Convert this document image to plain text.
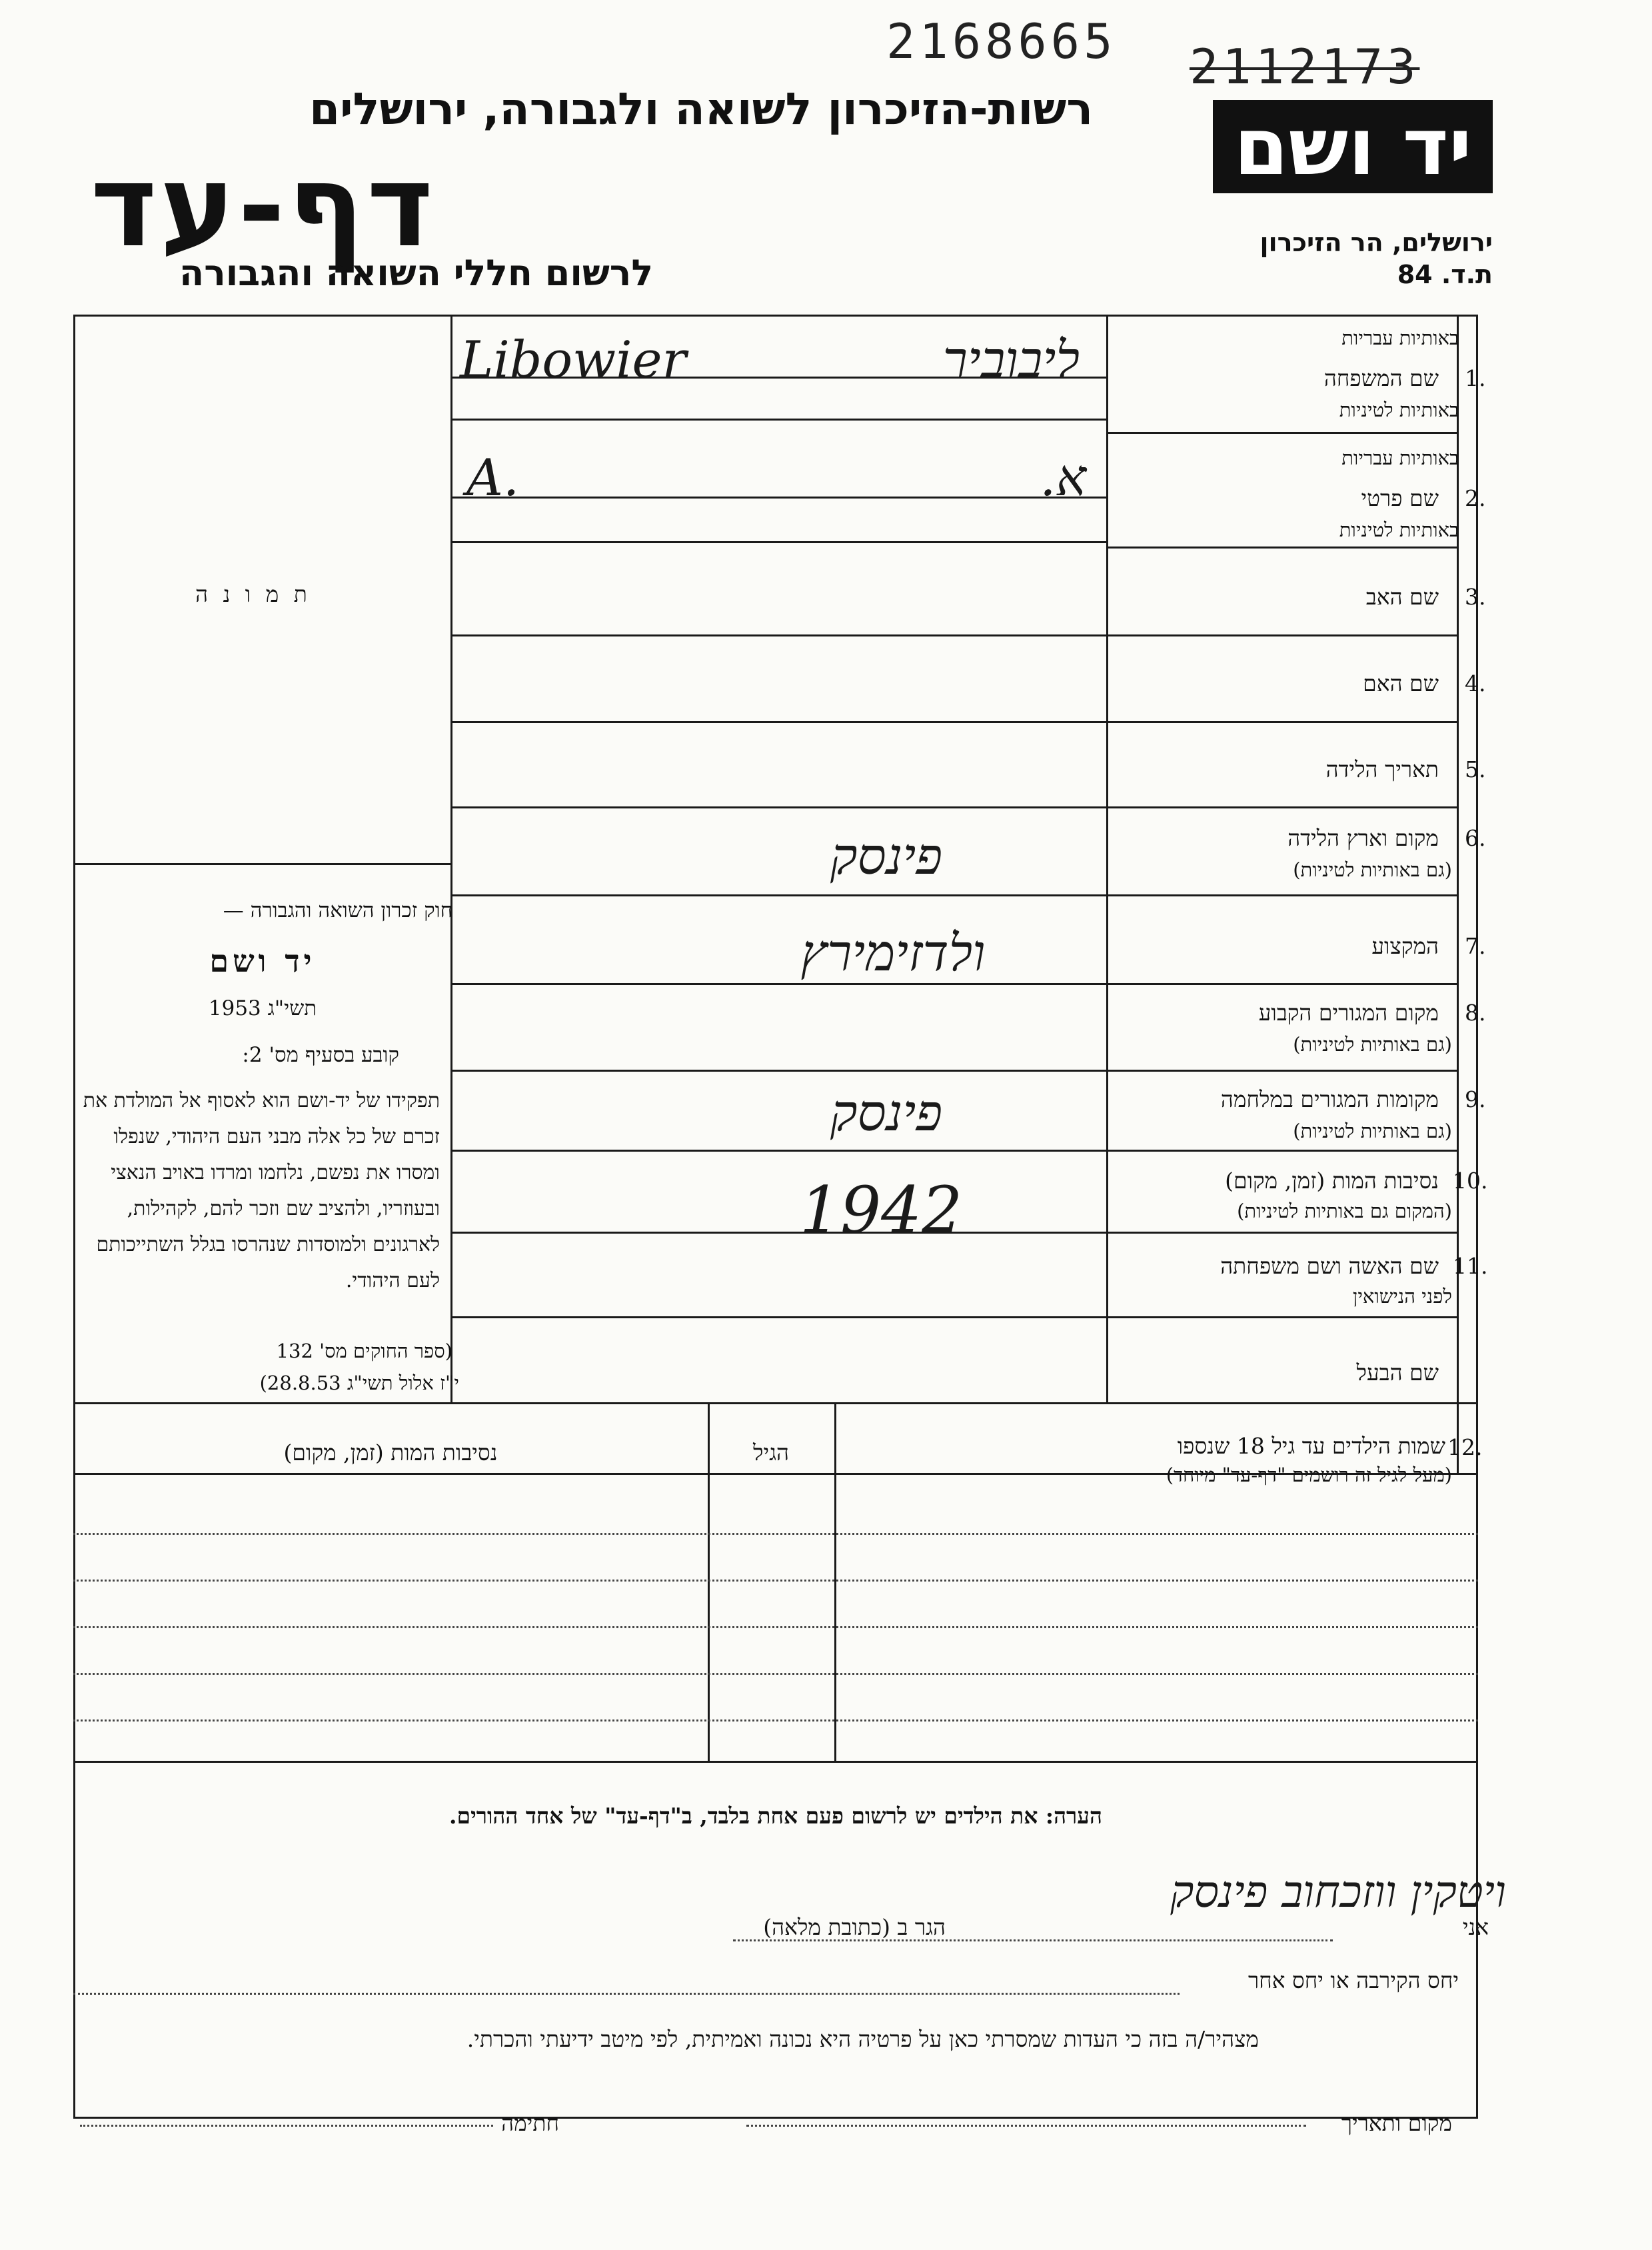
2168665 2112173
רשות-הזיכרון לשואה ולגבורה, ירושלים
דף-עד
לרשום חללי השואה והגבורה
יד ושם
ירושלים, הר הזיכרון
ת.ד. 84
ת מ ו נ ה
באותיות עבריות
שם המשפחה 1.
באותיות לטיניות
באותיות עבריות
שם פרטי 2.
באותיות לטיניות
שם האב 3.
שם האם 4.
תאריך הלידה 5.
מקום וארץ הלידה 6.
(גם באותיות לטיניות)
המקצוע 7.
מקום המגורים הקבוע 8.
(גם באותיות לטיניות)
מקומות המגורים במלחמה 9.
(גם באותיות לטיניות)
נסיבות המות (זמן, מקום) 10.
(המקום גם באותיות לטיניות)
שם האשה ושם משפחתה 11.
לפני הנישואין
שם הבעל
Libowier	ליבוביר
A.	א.
פינסק
ולדזימירץ
פינסק
1942
חוק זכרון השואה והגבורה —
יד ושם
תשי"ג 1953
קובע בסעיף מס' 2:
תפקידו של יד-ושם הוא לאסוף אל המולדת את זכרם של כל אלה מבני העם היהודי, שנפלו ומסרו את נפשם, נלחמו ומרדו באויב הנאצי ובעוזריו, ולהציב שם וזכר להם, לקהילות, לארגונים ולמוסדות שנהרסו בגלל השתייכותם לעם היהודי.
(ספר החוקים מס' 132
י"ז אלול תשי"ג 28.8.53)
12.
שמות הילדים עד גיל 18 שנספו
(מעל לגיל זה רושמים "דף-עד" מיוחד)
הגיל
נסיבות המות (זמן, מקום)
הערה: את הילדים יש לרשום פעם אחת בלבד, ב"דף-עד" של אחד ההורים.
אני
ויטקין ווזכחוב פינסק
הגר ב (כתובת מלאה)
יחס הקירבה או יחס אחר
מצהיר/ה בזה כי העדות שמסרתי כאן על פרטיה היא נכונה ואמיתית, לפי מיטב ידיעתי והכרתי.
מקום ותאריך
חתימה
